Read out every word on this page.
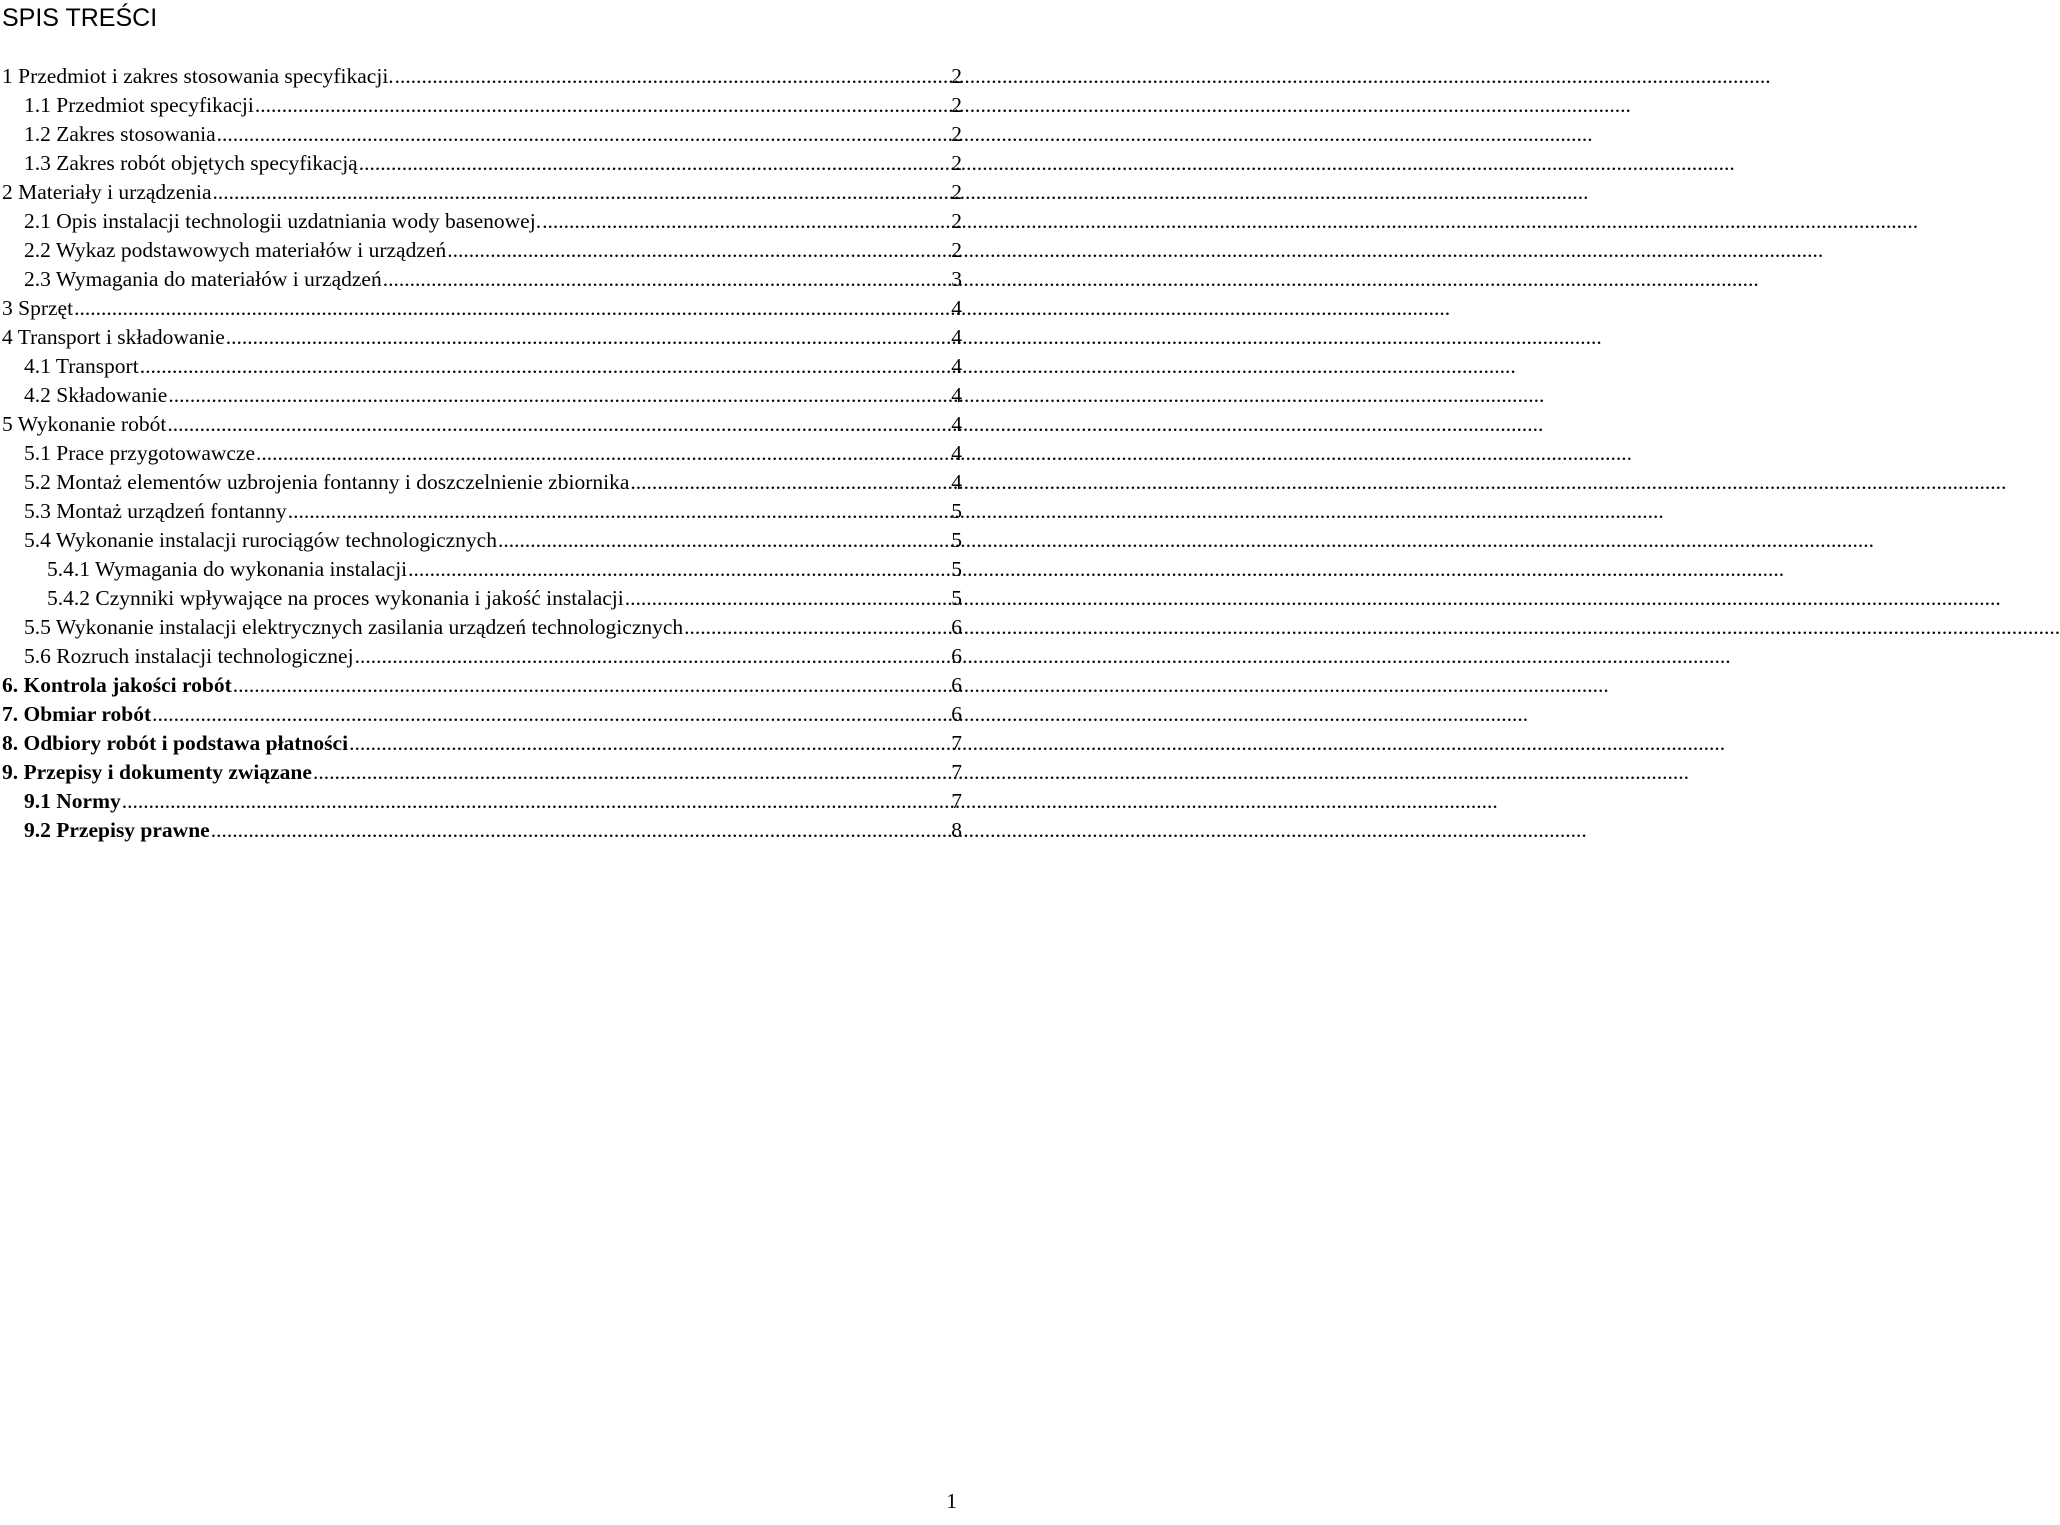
SPIS TREŚCI
1 Przedmiot i zakres stosowania specyfikacji. .....	2
1.1 Przedmiot specyfikacji .....	2
1.2 Zakres stosowania .....	2
1.3 Zakres robót objętych specyfikacją .....	2
2 Materiały i urządzenia .....	2
2.1 Opis instalacji technologii uzdatniania wody basenowej. .....	2
2.2 Wykaz podstawowych materiałów i urządzeń .....	2
2.3 Wymagania do materiałów i urządzeń .....	3
3 Sprzęt .....	4
4 Transport i składowanie .....	4
4.1 Transport .....	4
4.2 Składowanie .....	4
5 Wykonanie robót .....	4
5.1 Prace przygotowawcze .....	4
5.2 Montaż elementów uzbrojenia fontanny i doszczelnienie zbiornika .....	4
5.3 Montaż urządzeń fontanny .....	5
5.4 Wykonanie instalacji rurociągów technologicznych .....	5
5.4.1 Wymagania do wykonania instalacji .....	5
5.4.2 Czynniki wpływające na proces wykonania i jakość instalacji .....	5
5.5 Wykonanie instalacji elektrycznych zasilania urządzeń technologicznych .....	6
5.6 Rozruch instalacji technologicznej .....	6
6. Kontrola jakości robót .....	6
7. Obmiar robót .....	6
8. Odbiory robót i podstawa płatności .....	7
9. Przepisy i dokumenty związane .....	7
9.1 Normy .....	7
9.2 Przepisy prawne .....	8
1
